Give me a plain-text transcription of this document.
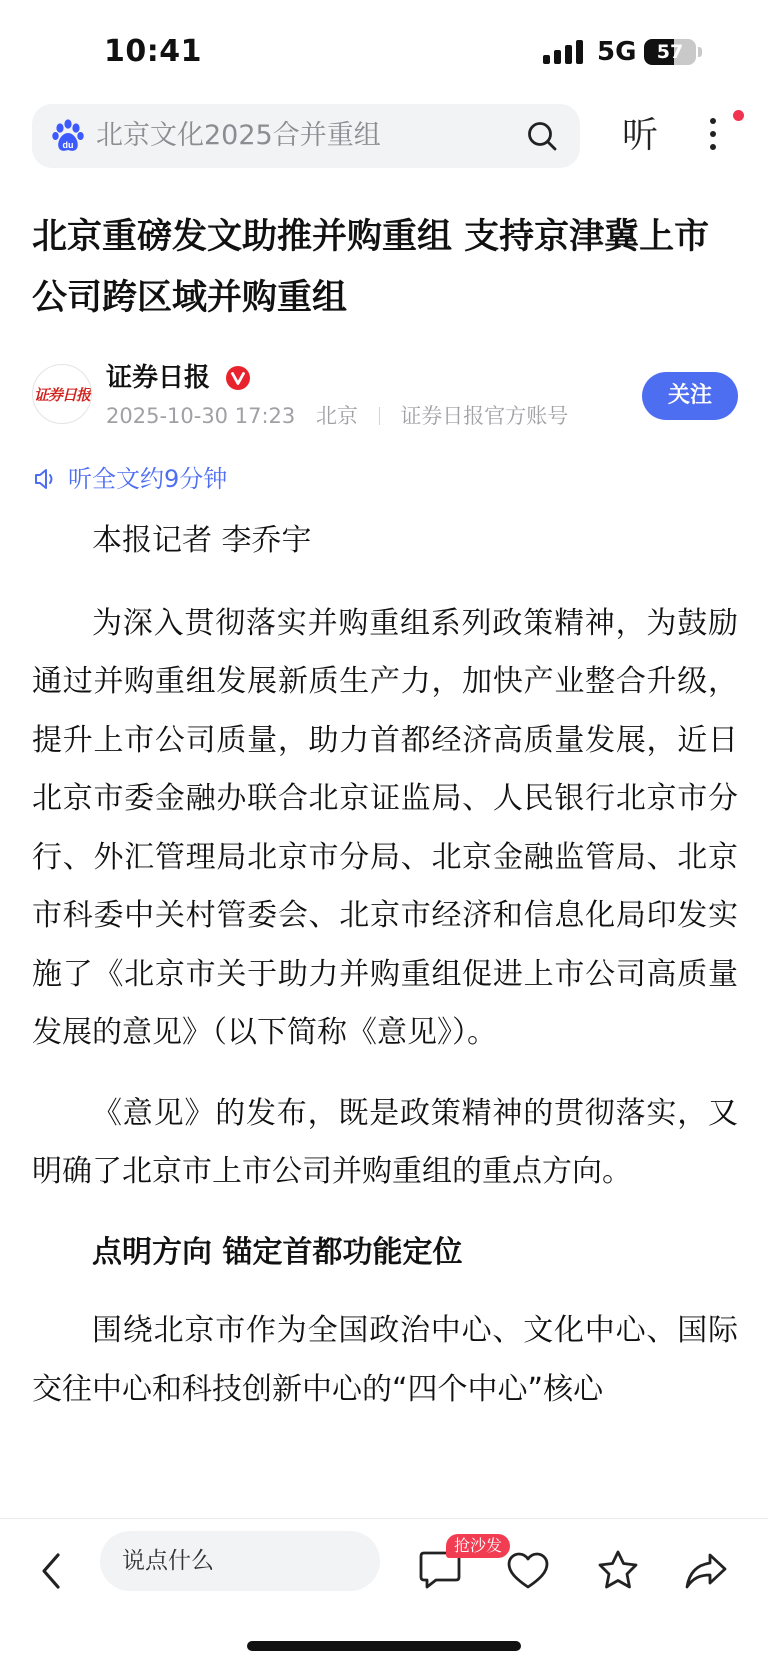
10:41	5G	57
du 北京文化2025合并重组	听
北京重磅发文助推并购重组 支持京津冀上市公司跨区域并购重组
证券日报
证券日报
2025-10-30 17:23 北京 证券日报官方账号
关注
听全文约9分钟

本报记者 李乔宇

为深入贯彻落实并购重组系列政策精神，为鼓励通过并购重组发展新质生产力，加快产业整合升级，提升上市公司质量，助力首都经济高质量发展，近日北京市委金融办联合北京证监局、人民银行北京市分行、外汇管理局北京市分局、北京金融监管局、北京市科委中关村管委会、北京市经济和信息化局印发实施了《北京市关于助力并购重组促进上市公司高质量发展的意见》（以下简称《意见》）。

《意见》的发布，既是政策精神的贯彻落实，又明确了北京市上市公司并购重组的重点方向。

点明方向 锚定首都功能定位

围绕北京市作为全国政治中心、文化中心、国际交往中心和科技创新中心的“四个中心”核心

说点什么
抢沙发
